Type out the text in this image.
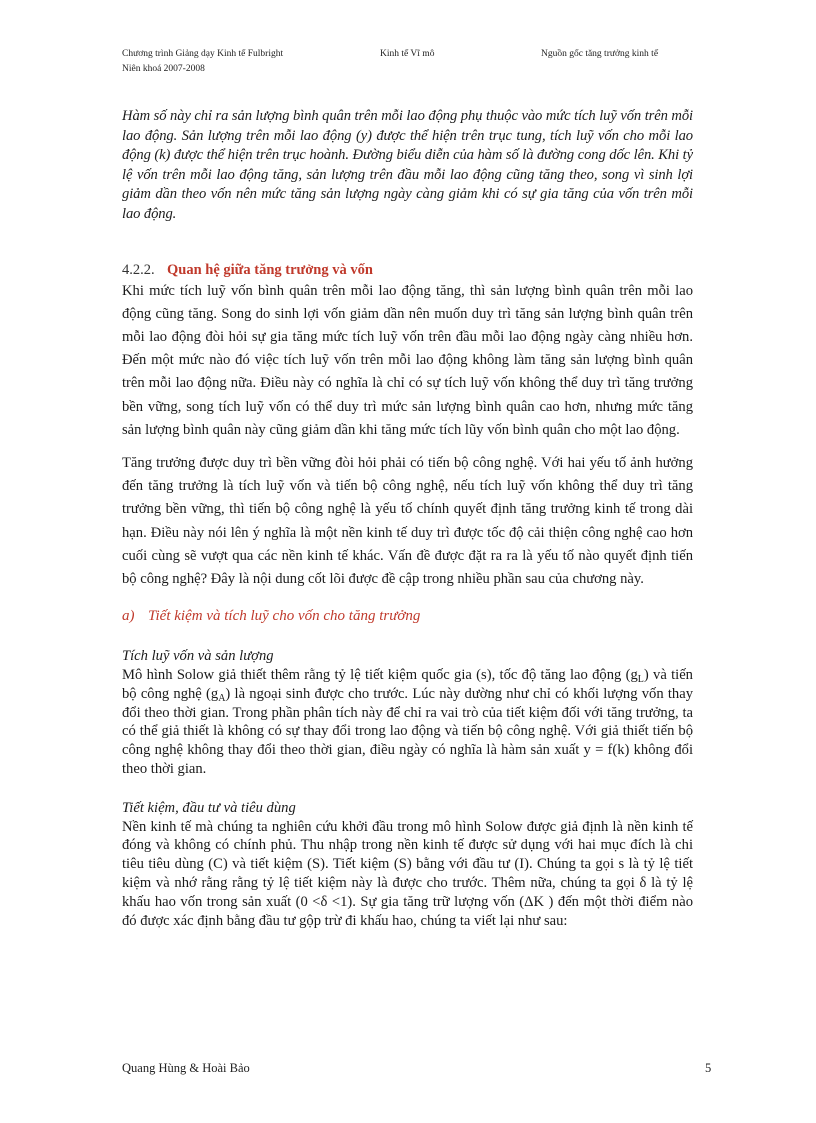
Chương trình Giảng dạy Kinh tế Fulbright
Niên khoá 2007-2008
Kinh tế Vĩ mô	Nguồn gốc tăng trưởng kinh tế

Hàm số này chỉ ra sản lượng bình quân trên mỗi lao động phụ thuộc vào mức tích luỹ vốn trên mỗi lao động. Sản lượng trên mỗi lao động (y) được thể hiện trên trục tung, tích luỹ vốn cho mỗi lao động (k) được thể hiện trên trục hoành. Đường biểu diễn của hàm số là đường cong dốc lên. Khi tỷ lệ vốn trên mỗi lao động tăng, sản lượng trên đầu mỗi lao động cũng tăng theo, song vì sinh lợi giảm dần theo vốn nên mức tăng sản lượng ngày càng giảm khi có sự gia tăng của vốn trên mỗi lao động.

4.2.2. Quan hệ giữa tăng trưởng và vốn

Khi mức tích luỹ vốn bình quân trên mỗi lao động tăng, thì sản lượng bình quân trên mỗi lao động cũng tăng. Song do sinh lợi vốn giảm dần nên muốn duy trì tăng sản lượng bình quân trên mỗi lao động đòi hỏi sự gia tăng mức tích luỹ vốn trên đầu mỗi lao động ngày càng nhiều hơn. Đến một mức nào đó việc tích luỹ vốn trên mỗi lao động không làm tăng sản lượng bình quân trên mỗi lao động nữa. Điều này có nghĩa là chỉ có sự tích luỹ vốn không thể duy trì tăng trưởng bền vững, song tích luỹ vốn có thể duy trì mức sản lượng bình quân cao hơn, nhưng mức tăng sản lượng bình quân này cũng giảm dần khi tăng mức tích lũy vốn bình quân cho một lao động.

Tăng trưởng được duy trì bền vững đòi hỏi phải có tiến bộ công nghệ. Với hai yếu tố ảnh hưởng đến tăng trưởng là tích luỹ vốn và tiến bộ công nghệ, nếu tích luỹ vốn không thể duy trì tăng trưởng bền vững, thì tiến bộ công nghệ là yếu tố chính quyết định tăng trưởng kinh tế trong dài hạn. Điều này nói lên ý nghĩa là một nền kinh tế duy trì được tốc độ cải thiện công nghệ cao hơn cuối cùng sẽ vượt qua các nền kinh tế khác. Vấn đề được đặt ra ra là yếu tố nào quyết định tiến bộ công nghệ? Đây là nội dung cốt lõi được đề cập trong nhiều phần sau của chương này.

a) Tiết kiệm và tích luỹ cho vốn cho tăng trưởng
Tích luỹ vốn và sản lượng

Mô hình Solow giả thiết thêm rằng tỷ lệ tiết kiệm quốc gia (s), tốc độ tăng lao động $(g_L)$ và tiến bộ công nghệ $(g_A)$ là ngoại sinh được cho trước. Lúc này dường như chỉ có khối lượng vốn thay đổi theo thời gian. Trong phần phân tích này để chỉ ra vai trò của tiết kiệm đối với tăng trưởng, ta có thể giả thiết là không có sự thay đổi trong lao động và tiến bộ công nghệ. Với giả thiết tiến bộ công nghệ không thay đổi theo thời gian, điều ngày có nghĩa là hàm sản xuất y = f(k) không đổi theo thời gian.

Tiết kiệm, đầu tư và tiêu dùng

Nền kinh tế mà chúng ta nghiên cứu khởi đầu trong mô hình Solow được giả định là nền kinh tế đóng và không có chính phủ. Thu nhập trong nền kinh tế được sử dụng với hai mục đích là chi tiêu tiêu dùng (C) và tiết kiệm (S). Tiết kiệm (S) bằng với đầu tư (I). Chúng ta gọi s là tỷ lệ tiết kiệm và nhớ rằng rằng tỷ lệ tiết kiệm này là được cho trước. Thêm nữa, chúng ta gọi δ là tỷ lệ khấu hao vốn trong sản xuất (0 <δ <1). Sự gia tăng trữ lượng vốn (ΔK ) đến một thời điểm nào đó được xác định bằng đầu tư gộp trừ đi khấu hao, chúng ta viết lại như sau:

Quang Hùng & Hoài Bảo	5
